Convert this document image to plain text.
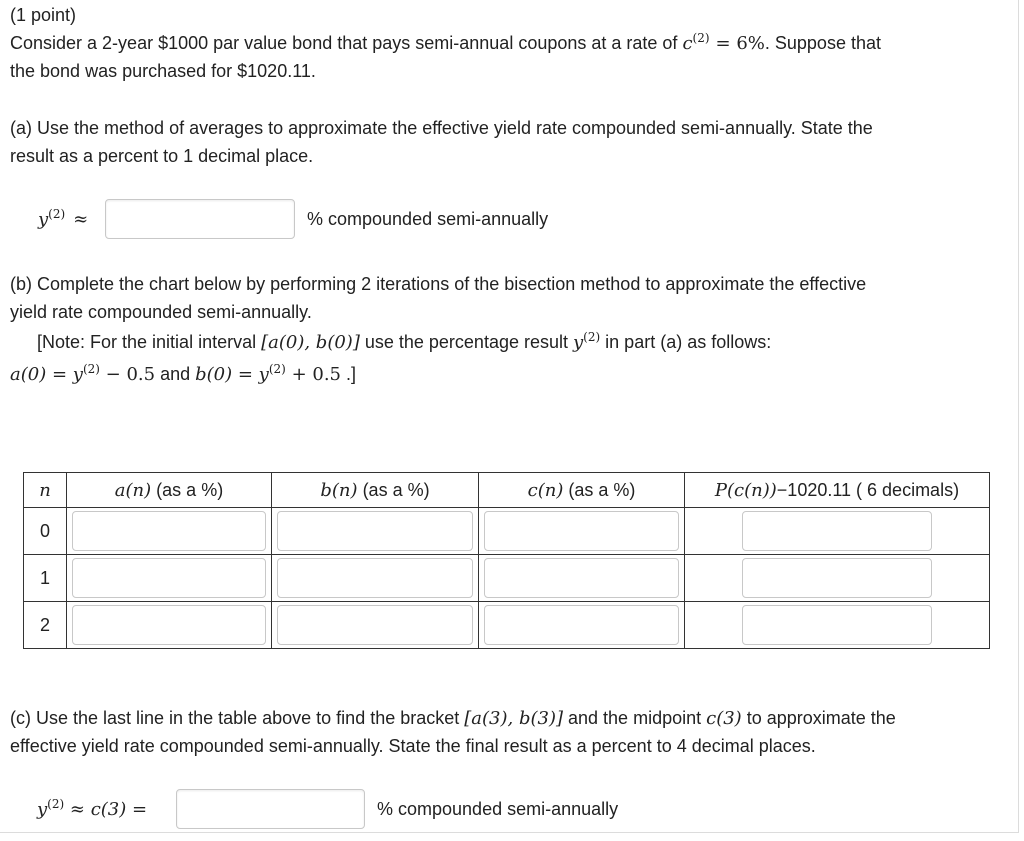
(1 point)
Consider a 2-year $1000 par value bond that pays semi-annual coupons at a rate of $c^{(2)} = 6\%$. Suppose that
the bond was purchased for $1020.11.
(a) Use the method of averages to approximate the effective yield rate compounded semi-annually. State the
result as a percent to 1 decimal place.
$y^{(2)}$ ≈	% compounded semi-annually
(b) Complete the chart below by performing 2 iterations of the bisection method to approximate the effective
yield rate compounded semi-annually.
[Note: For the initial interval [a(0), b(0)] use the percentage result $y^{(2)}$ in part (a) as follows:
$a(0) = y^{(2)} - 0.5$ and $b(0) = y^{(2)} + 0.5$ .]
n	a(n) (as a %)	b(n) (as a %)	c(n) (as a %)	P(c(n))−1020.11 ( 6 decimals)
0	

1	

2	

(c) Use the last line in the table above to find the bracket [a(3), b(3)] and the midpoint c(3) to approximate the
effective yield rate compounded semi-annually. State the final result as a percent to 4 decimal places.
$y^{(2)} \approx c(3)$ =	% compounded semi-annually
